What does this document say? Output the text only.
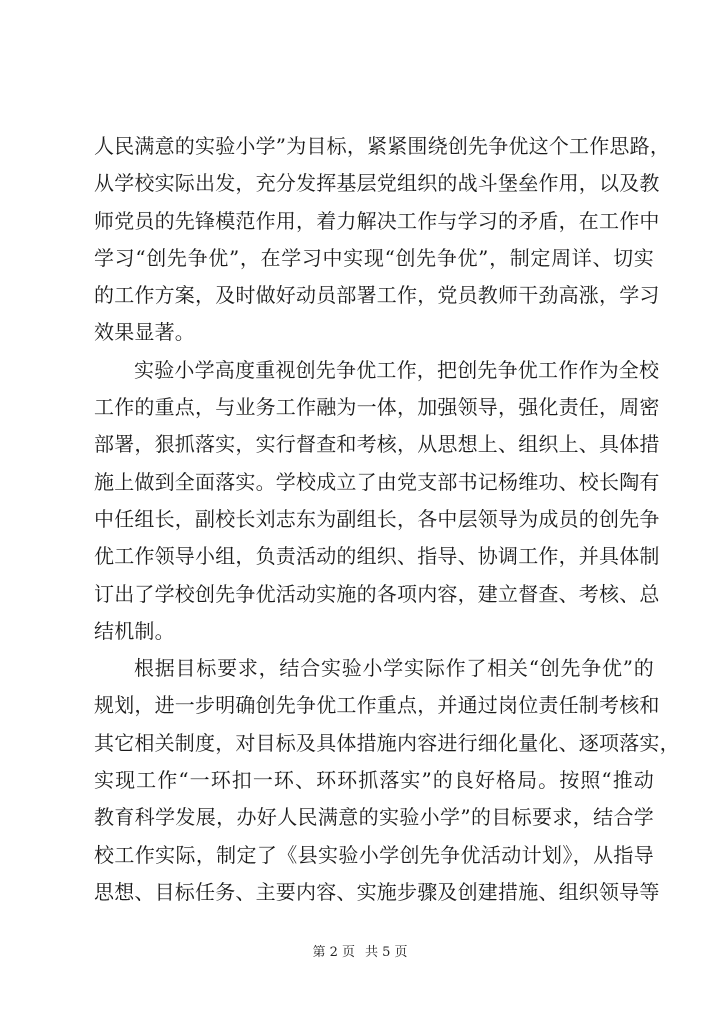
人民满意的实验小学”为目标，紧紧围绕创先争优这个工作思路，
从学校实际出发，充分发挥基层党组织的战斗堡垒作用，以及教
师党员的先锋模范作用，着力解决工作与学习的矛盾，在工作中
学习“创先争优”，在学习中实现“创先争优”，制定周详、切实
的工作方案，及时做好动员部署工作，党员教师干劲高涨，学习
效果显著。
实验小学高度重视创先争优工作，把创先争优工作作为全校
工作的重点，与业务工作融为一体，加强领导，强化责任，周密
部署，狠抓落实，实行督查和考核，从思想上、组织上、具体措
施上做到全面落实。学校成立了由党支部书记杨维功、校长陶有
中任组长，副校长刘志东为副组长，各中层领导为成员的创先争
优工作领导小组，负责活动的组织、指导、协调工作，并具体制
订出了学校创先争优活动实施的各项内容，建立督查、考核、总
结机制。
根据目标要求，结合实验小学实际作了相关“创先争优”的
规划，进一步明确创先争优工作重点，并通过岗位责任制考核和
其它相关制度，对目标及具体措施内容进行细化量化、逐项落实，
实现工作“一环扣一环、环环抓落实”的良好格局。按照“推动
教育科学发展，办好人民满意的实验小学”的目标要求，结合学
校工作实际，制定了《县实验小学创先争优活动计划》，从指导
思想、目标任务、主要内容、实施步骤及创建措施、组织领导等
第 2 页 共 5 页
